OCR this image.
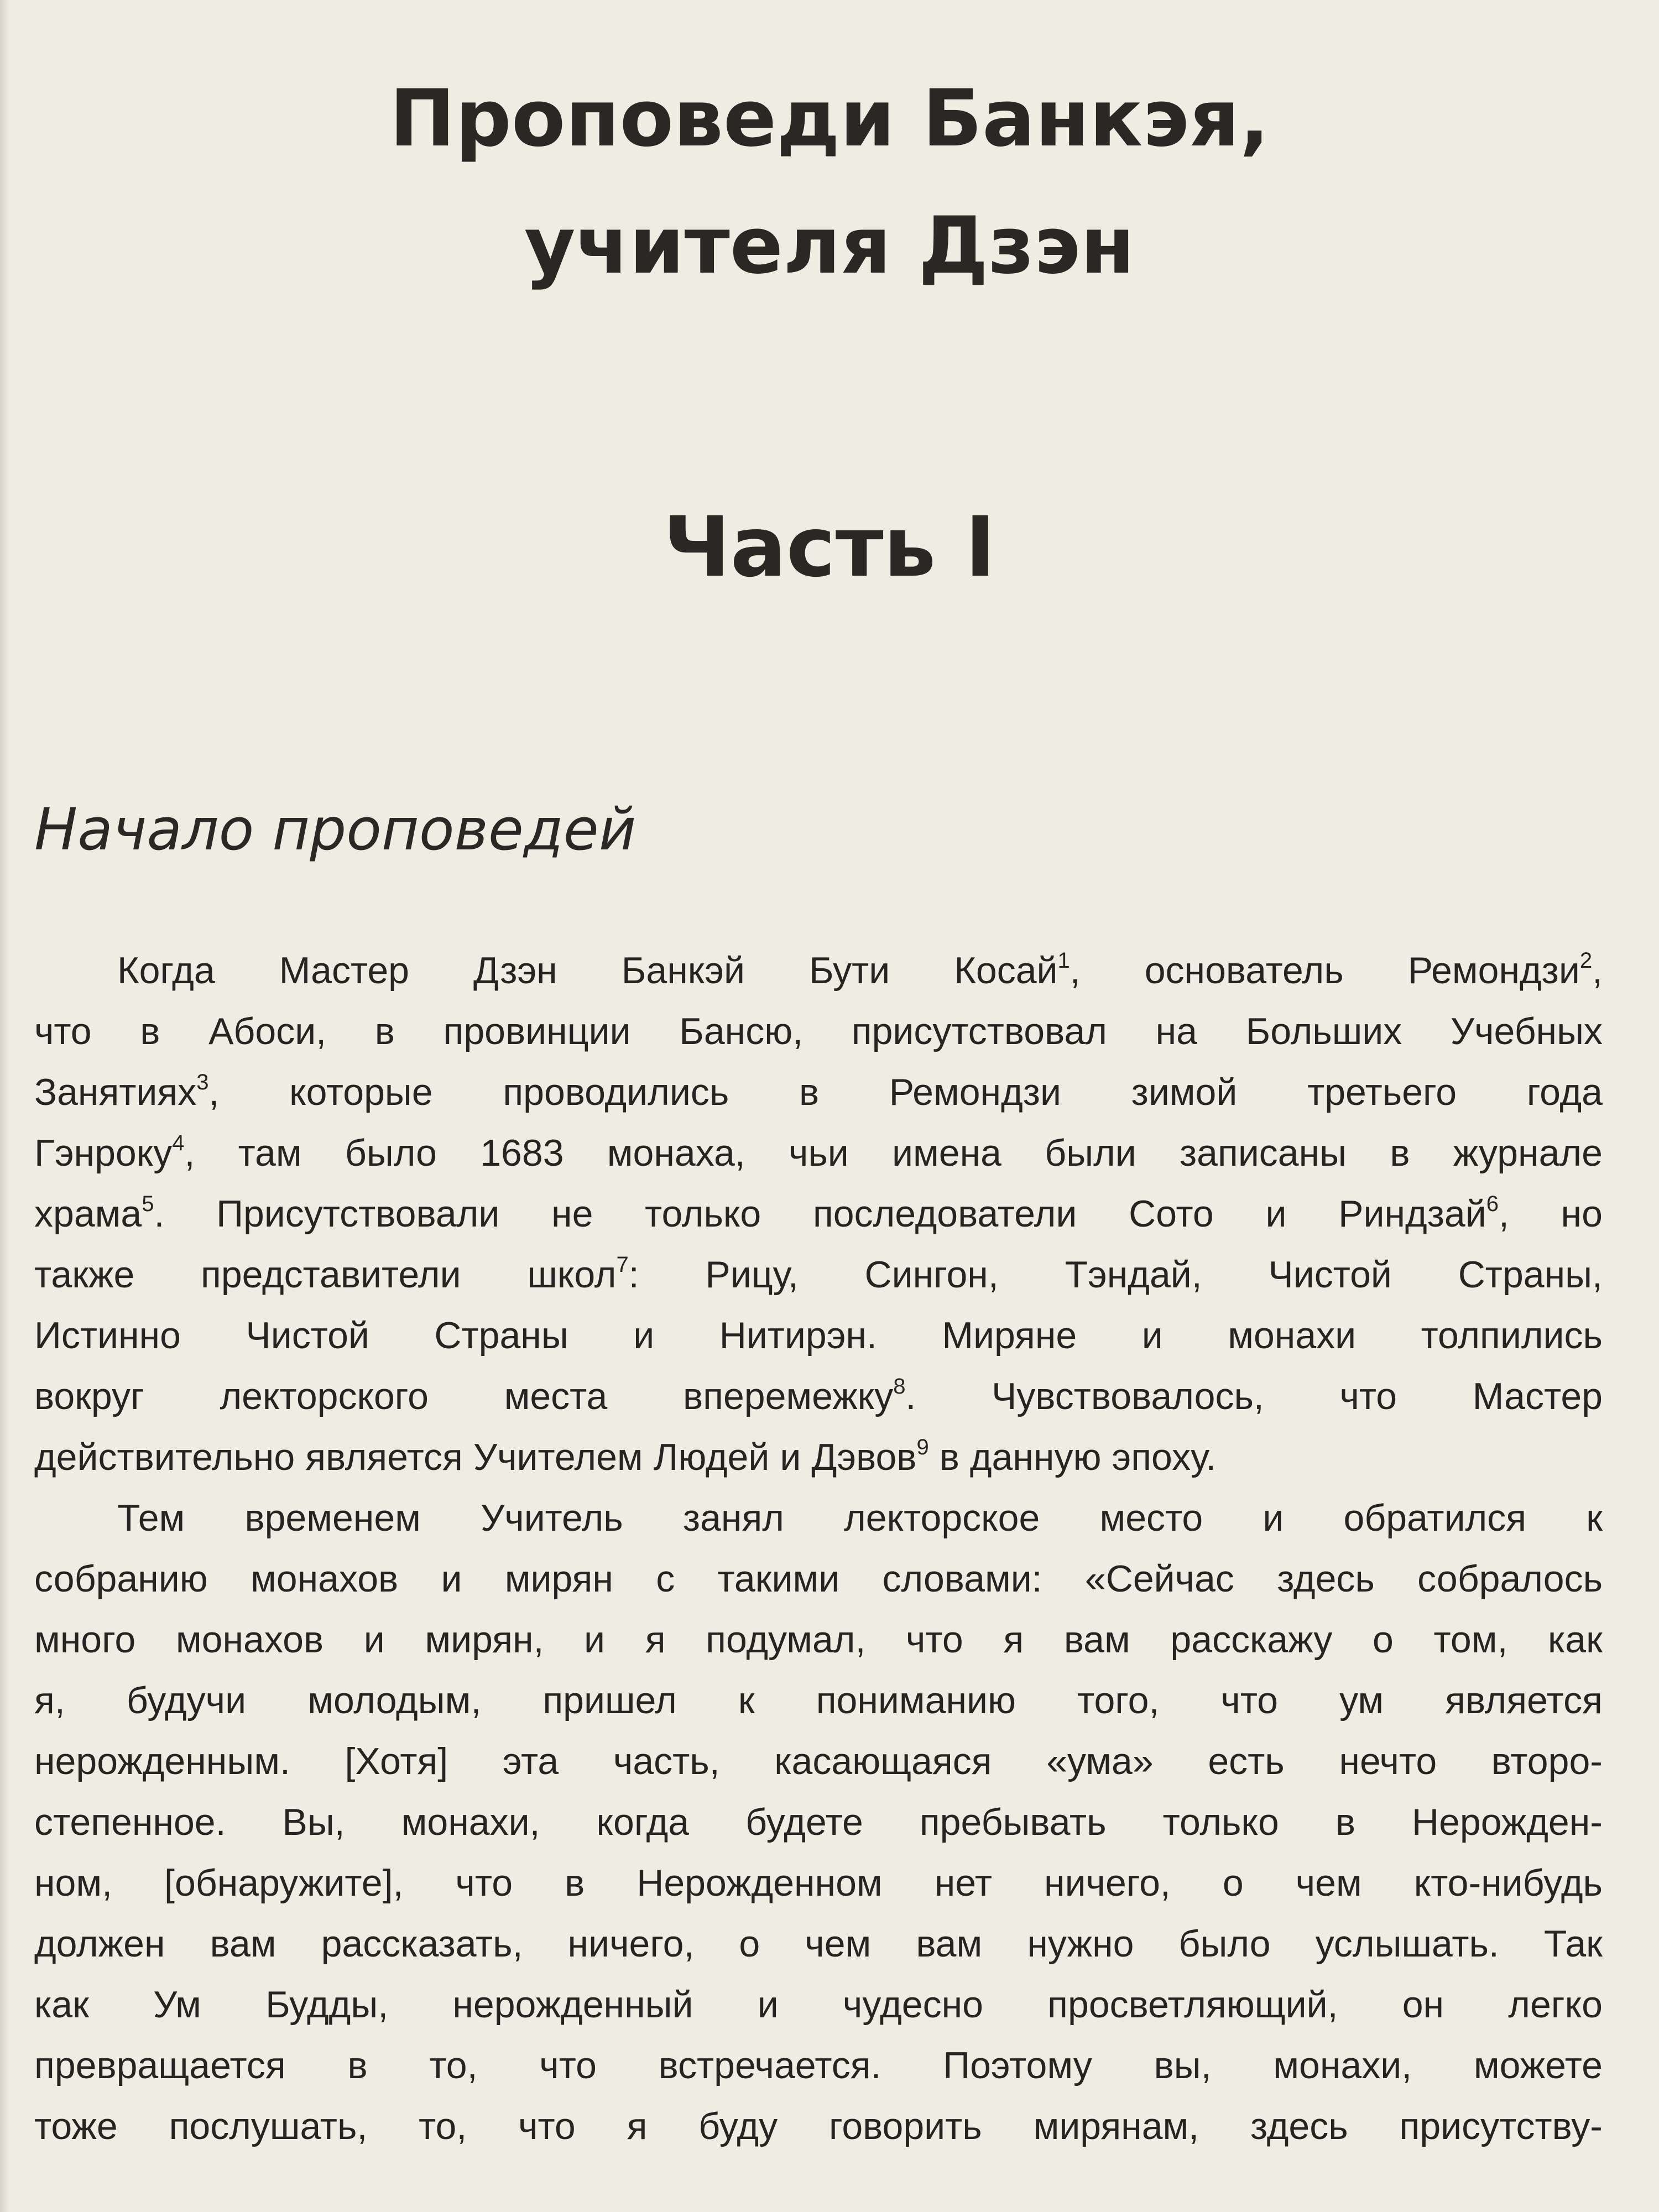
Проповеди Банкэя,
учителя Дзэн
Часть I
Начало проповедей
Когда Мастер Дзэн Банкэй Бути Косай$^1$, основатель Ремондзи$^2$,
что в Абоси, в провинции Бансю, присутствовал на Больших Учебных
Занятиях$^3$, которые проводились в Ремондзи зимой третьего года
Гэнроку$^4$, там было 1683 монаха, чьи имена были записаны в журнале
храма$^5$. Присутствовали не только последователи Сото и Риндзай$^6$, но
также представители школ$^7$: Рицу, Сингон, Тэндай, Чистой Страны,
Истинно Чистой Страны и Нитирэн. Миряне и монахи толпились
вокруг лекторского места вперемежку$^8$. Чувствовалось, что Мастер
действительно является Учителем Людей и Дэвов$^9$ в данную эпоху.
Тем временем Учитель занял лекторское место и обратился к
собранию монахов и мирян с такими словами: «Сейчас здесь собралось
много монахов и мирян, и я подумал, что я вам расскажу о том, как
я, будучи молодым, пришел к пониманию того, что ум является
нерожденным. [Хотя] эта часть, касающаяся «ума» есть нечто второ-
степенное. Вы, монахи, когда будете пребывать только в Нерожден-
ном, [обнаружите], что в Нерожденном нет ничего, о чем кто-нибудь
должен вам рассказать, ничего, о чем вам нужно было услышать. Так
как Ум Будды, нерожденный и чудесно просветляющий, он легко
превращается в то, что встречается. Поэтому вы, монахи, можете
тоже послушать, то, что я буду говорить мирянам, здесь присутству-
